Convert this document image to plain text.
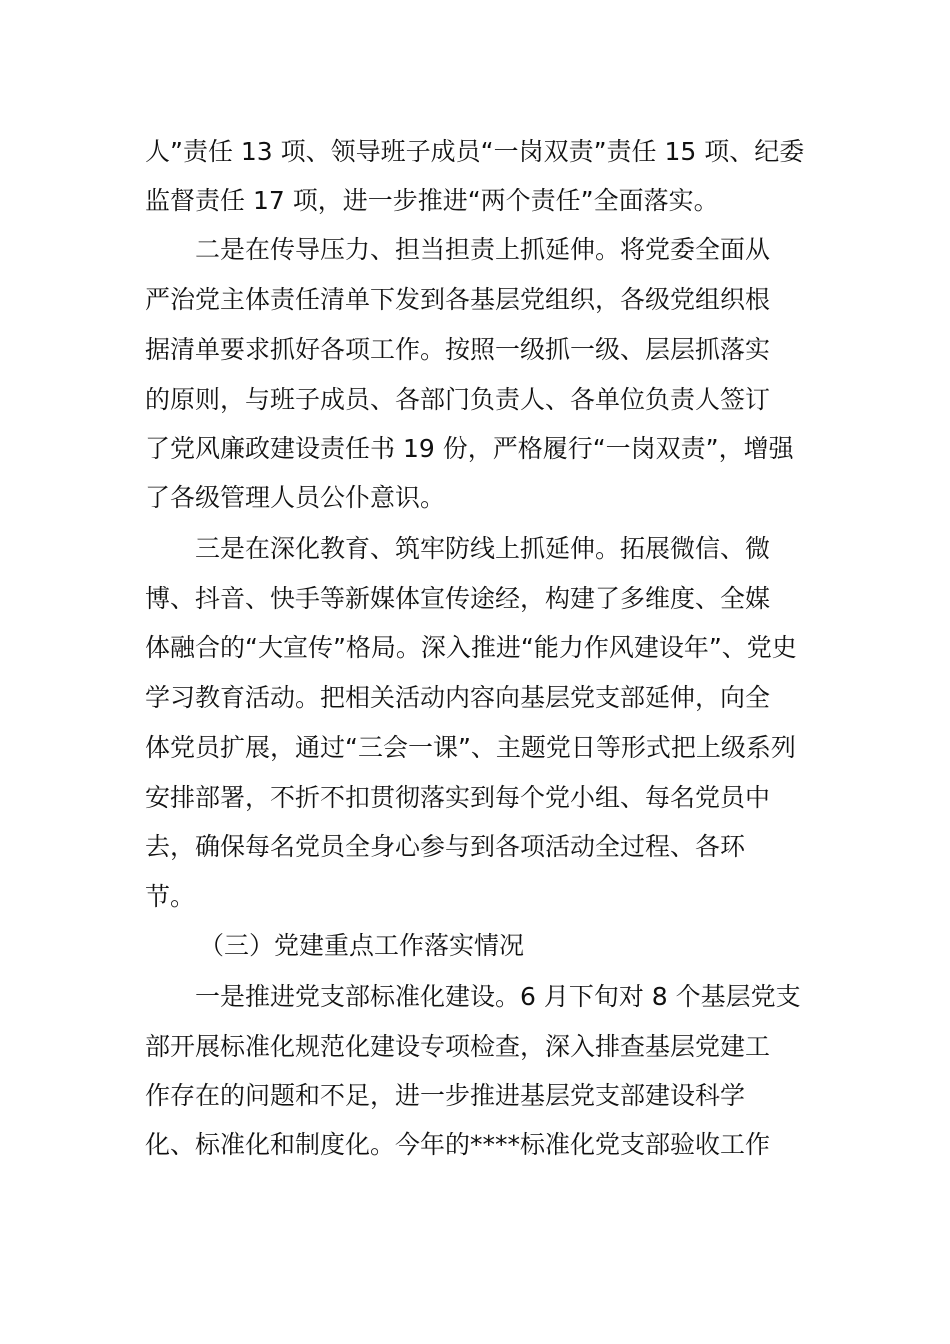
人”责任 13 项、领导班子成员“一岗双责”责任 15 项、纪委
监督责任 17 项，进一步推进“两个责任”全面落实。
二是在传导压力、担当担责上抓延伸。将党委全面从
严治党主体责任清单下发到各基层党组织，各级党组织根
据清单要求抓好各项工作。按照一级抓一级、层层抓落实
的原则，与班子成员、各部门负责人、各单位负责人签订
了党风廉政建设责任书 19 份，严格履行“一岗双责”，增强
了各级管理人员公仆意识。
三是在深化教育、筑牢防线上抓延伸。拓展微信、微
博、抖音、快手等新媒体宣传途经，构建了多维度、全媒
体融合的“大宣传”格局。深入推进“能力作风建设年”、党史
学习教育活动。把相关活动内容向基层党支部延伸，向全
体党员扩展，通过“三会一课”、主题党日等形式把上级系列
安排部署，不折不扣贯彻落实到每个党小组、每名党员中
去，确保每名党员全身心参与到各项活动全过程、各环
节。
（三）党建重点工作落实情况
一是推进党支部标准化建设。6 月下旬对 8 个基层党支
部开展标准化规范化建设专项检查，深入排查基层党建工
作存在的问题和不足，进一步推进基层党支部建设科学
化、标准化和制度化。今年的****标准化党支部验收工作
